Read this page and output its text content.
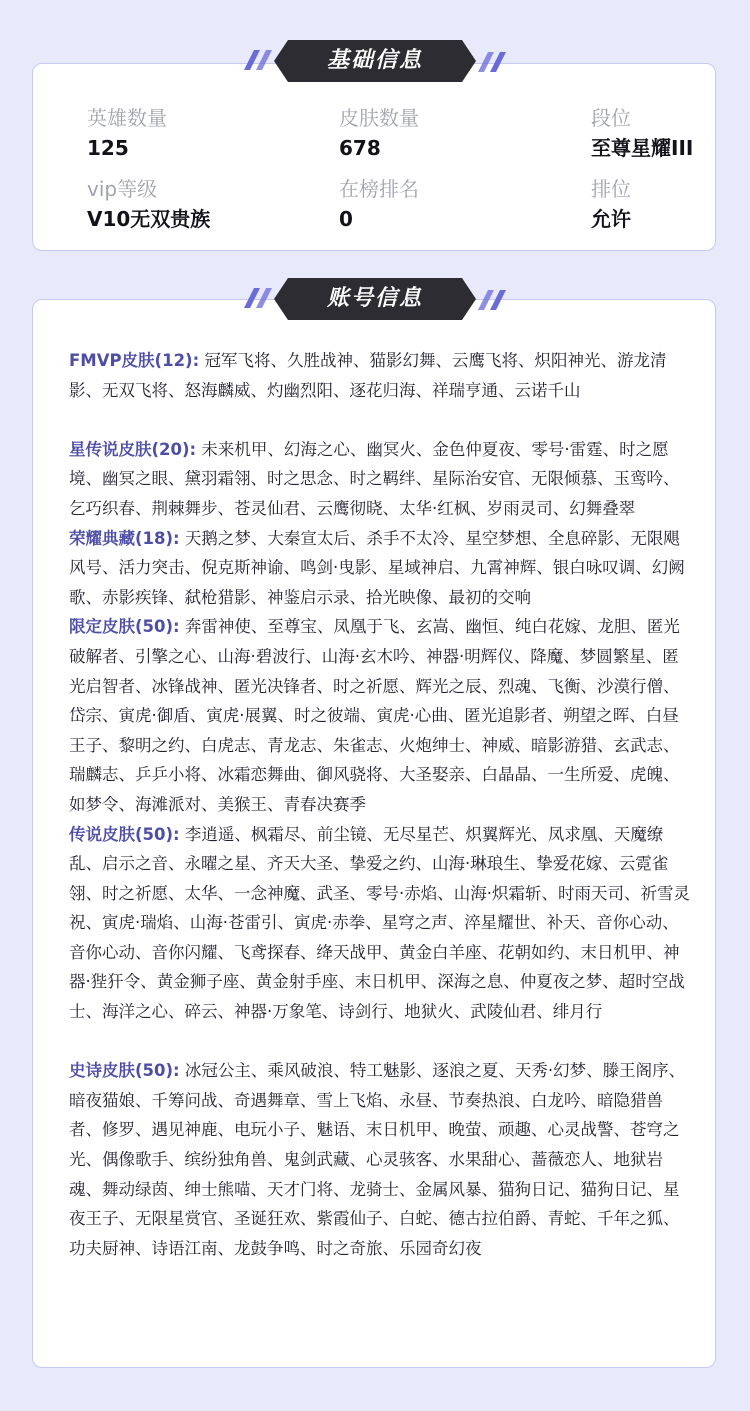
英雄数量
125
皮肤数量
678
段位
至尊星耀III
vip等级
V10无双贵族
在榜排名
0
排位
允许

FMVP皮肤(12): 冠军飞将、久胜战神、猫影幻舞、云鹰飞将、炽阳神光、游龙清影、无双飞将、怒海麟威、灼幽烈阳、逐花归海、祥瑞亨通、云诺千山

星传说皮肤(20): 未来机甲、幻海之心、幽冥火、金色仲夏夜、零号·雷霆、时之愿境、幽冥之眼、黛羽霜翎、时之思念、时之羁绊、星际治安官、无限倾慕、玉鸾吟、乞巧织春、荆棘舞步、苍灵仙君、云鹰彻晓、太华·红枫、岁雨灵司、幻舞叠翠

荣耀典藏(18): 天鹅之梦、大秦宣太后、杀手不太冷、星空梦想、全息碎影、无限飓风号、活力突击、倪克斯神谕、鸣剑·曳影、星域神启、九霄神辉、银白咏叹调、幻阙歌、赤影疾锋、弑枪猎影、神鉴启示录、拾光映像、最初的交响

限定皮肤(50): 奔雷神使、至尊宝、凤凰于飞、玄嵩、幽恒、纯白花嫁、龙胆、匿光破解者、引擎之心、山海·碧波行、山海·玄木吟、神器·明辉仪、降魔、梦圆繁星、匿光启智者、冰锋战神、匿光决锋者、时之祈愿、辉光之辰、烈魂、飞衡、沙漠行僧、岱宗、寅虎·御盾、寅虎·展翼、时之彼端、寅虎·心曲、匿光追影者、朔望之晖、白昼王子、黎明之约、白虎志、青龙志、朱雀志、火炮绅士、神威、暗影游猎、玄武志、瑞麟志、乒乒小将、冰霜恋舞曲、御风骁将、大圣娶亲、白晶晶、一生所爱、虎魄、如梦令、海滩派对、美猴王、青春决赛季

传说皮肤(50): 李逍遥、枫霜尽、前尘镜、无尽星芒、炽翼辉光、凤求凰、天魔缭乱、启示之音、永曜之星、齐天大圣、挚爱之约、山海·琳琅生、挚爱花嫁、云霓雀翎、时之祈愿、太华、一念神魔、武圣、零号·赤焰、山海·炽霜斩、时雨天司、祈雪灵祝、寅虎·瑞焰、山海·苍雷引、寅虎·赤拳、星穹之声、淬星耀世、补天、音你心动、音你心动、音你闪耀、飞鸢探春、绛天战甲、黄金白羊座、花朝如约、末日机甲、神器·狴犴令、黄金狮子座、黄金射手座、末日机甲、深海之息、仲夏夜之梦、超时空战士、海洋之心、碎云、神器·万象笔、诗剑行、地狱火、武陵仙君、绯月行

史诗皮肤(50): 冰冠公主、乘风破浪、特工魅影、逐浪之夏、天秀·幻梦、滕王阁序、暗夜猫娘、千筹问战、奇遇舞章、雪上飞焰、永昼、节奏热浪、白龙吟、暗隐猎兽者、修罗、遇见神鹿、电玩小子、魅语、末日机甲、晚萤、顽趣、心灵战警、苍穹之光、偶像歌手、缤纷独角兽、鬼剑武藏、心灵骇客、水果甜心、蔷薇恋人、地狱岩魂、舞动绿茵、绅士熊喵、天才门将、龙骑士、金属风暴、猫狗日记、猫狗日记、星夜王子、无限星赏官、圣诞狂欢、紫霞仙子、白蛇、德古拉伯爵、青蛇、千年之狐、功夫厨神、诗语江南、龙鼓争鸣、时之奇旅、乐园奇幻夜

基础信息
账号信息
